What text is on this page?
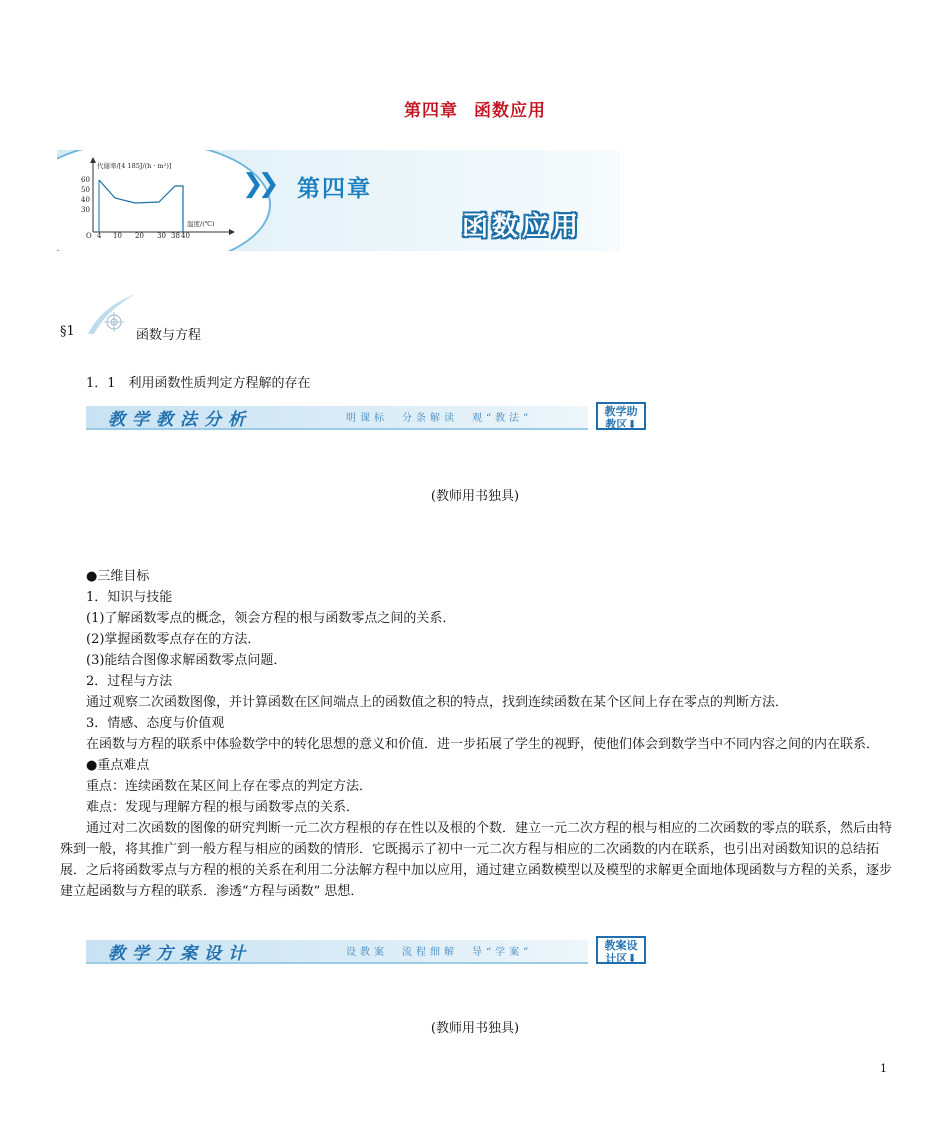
第四章 函数应用
代谢率/[4 185J/(h · m²)]
温度/(℃)
60
50
40
30
O 4 10 20 30 38 40
❯❯ 第四章
函数应用
§1	函数与方程
1．1　利用函数性质判定方程解的存在
教学教法分析	明课标　分条解读　观“教法”
教学助
教区⬇
(教师用书独具)

●三维目标

1．知识与技能

(1)了解函数零点的概念，领会方程的根与函数零点之间的关系．

(2)掌握函数零点存在的方法．

(3)能结合图像求解函数零点问题．

2．过程与方法

通过观察二次函数图像，并计算函数在区间端点上的函数值之积的特点，找到连续函数在某个区间上存在零点的判断方法．

3．情感、态度与价值观

在函数与方程的联系中体验数学中的转化思想的意义和价值．进一步拓展了学生的视野，使他们体会到数学当中不同内容之间的内在联系．

●重点难点

重点：连续函数在某区间上存在零点的判定方法．

难点：发现与理解方程的根与函数零点的关系．

通过对二次函数的图像的研究判断一元二次方程根的存在性以及根的个数．建立一元二次方程的根与相应的二次函数的零点的联系，然后由特殊到一般，将其推广到一般方程与相应的函数的情形．它既揭示了初中一元二次方程与相应的二次函数的内在联系，也引出对函数知识的总结拓展．之后将函数零点与方程的根的关系在利用二分法解方程中加以应用，通过建立函数模型以及模型的求解更全面地体现函数与方程的关系，逐步建立起函数与方程的联系．渗透“方程与函数” 思想．

教学方案设计	设教案　流程细解　导“学案”
教案设
计区⬇
(教师用书独具)
1
